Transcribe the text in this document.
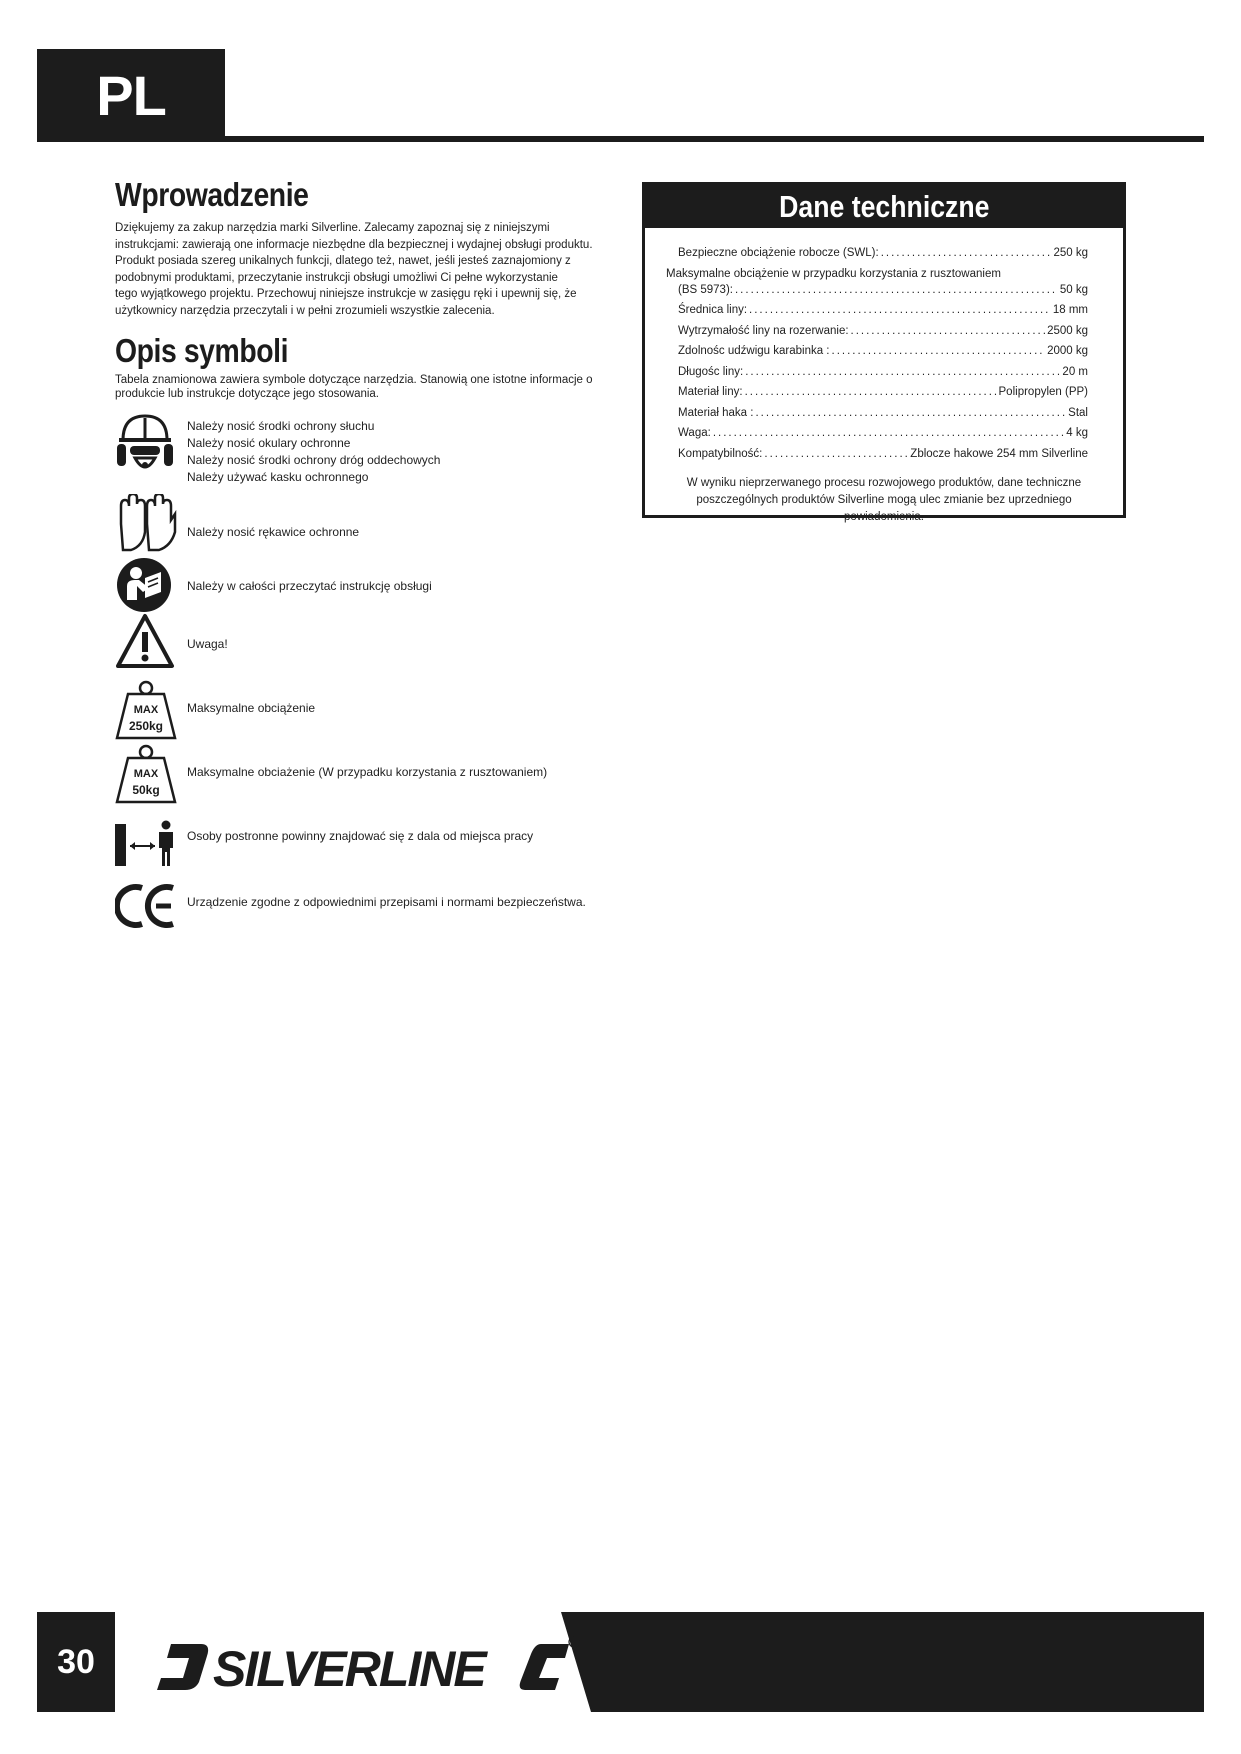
PL
Wprowadzenie

Dziękujemy za zakup narzędzia marki Silverline. Zalecamy zapoznaj się z niniejszymi

instrukcjami: zawierają one informacje niezbędne dla bezpiecznej i wydajnej obsługi produktu.

Produkt posiada szereg unikalnych funkcji, dlatego też, nawet, jeśli jesteś zaznajomiony z

podobnymi produktami, przeczytanie instrukcji obsługi umożliwi Ci pełne wykorzystanie

tego wyjątkowego projektu. Przechowuj niniejsze instrukcje w zasięgu ręki i upewnij się, że

użytkownicy narzędzia przeczytali i w pełni zrozumieli wszystkie zalecenia.

Opis symboli

Tabela znamionowa zawiera symbole dotyczące narzędzia. Stanowią one istotne informacje o

produkcie lub instrukcje dotyczące jego stosowania.

Należy nosić środki ochrony słuchu
Należy nosić okulary ochronne
Należy nosić środki ochrony dróg oddechowych
Należy używać kasku ochronnego
Należy nosić rękawice ochronne
Należy w całości przeczytać instrukcję obsługi
Uwaga!
MAX
250kg
Maksymalne obciążenie
MAX
50kg
Maksymalne obciażenie (W przypadku korzystania z rusztowaniem)
Osoby postronne powinny znajdować się z dala od miejsca pracy
Urządzenie zgodne z odpowiednimi przepisami i normami bezpieczeństwa.
Dane techniczne
Bezpieczne obciążenie robocze (SWL): .....	250 kg
Maksymalne obciążenie w przypadku korzystania z rusztowaniem
(BS 5973): .....	50 kg
Średnica liny: .....	18 mm
Wytrzymałość liny na rozerwanie: .....	2500 kg
Zdolnośc udźwigu karabinka : .....	2000 kg
Długośc liny: .....	20 m
Materiał liny: .....	Polipropylen (PP)
Materiał haka : .....	Stal
Waga: .....	4 kg
Kompatybilność: .....	Zblocze hakowe 254 mm Silverline
W wyniku nieprzerwanego procesu rozwojowego produktów, dane techniczne
poszczególnych produktów Silverline mogą ulec zmianie bez uprzedniego powiadomienia.
30	SILVERLINE
